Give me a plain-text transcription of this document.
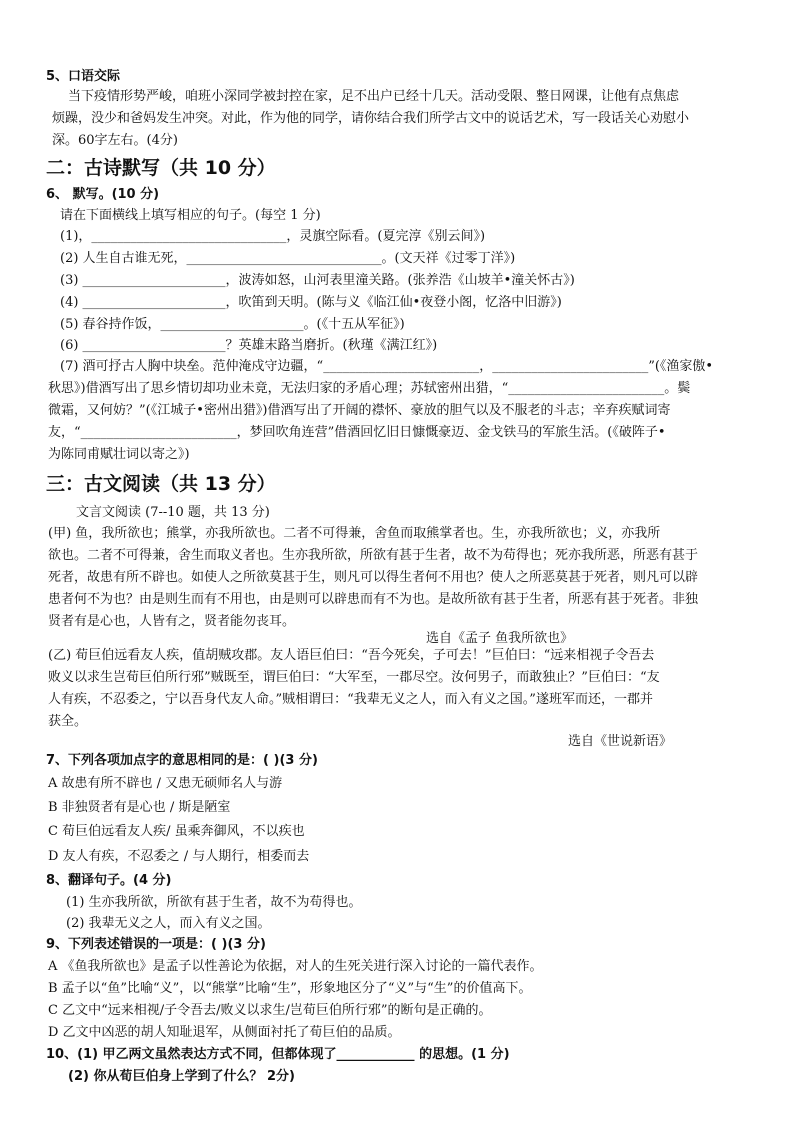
5、口语交际
当下疫情形势严峻，咱班小深同学被封控在家，足不出户已经十几天。活动受限、整日网课，让他有点焦虑
烦躁，没少和爸妈发生冲突。对此，作为他的同学，请你结合我们所学古文中的说话艺术，写一段话关心劝慰小
深。60字左右。(4分)
二：古诗默写（共 10 分）
6、 默写。(10 分)
请在下面横线上填写相应的句子。(每空 1 分)
(1)，______________________________，灵旗空际看。(夏完淳《别云间》)
(2) 人生自古谁无死，______________________________。(文天祥《过零丁洋》)
(3) ______________________，波涛如怒，山河表里潼关路。(张养浩《山坡羊•潼关怀古》)
(4) ______________________，吹笛到天明。(陈与义《临江仙•夜登小阁，忆洛中旧游》)
(5) 春谷持作饭，______________________。(《十五从军征》)
(6) ______________________？英雄末路当磨折。(秋瑾《满江红》)
(7) 酒可抒古人胸中块垒。范仲淹戍守边疆，“________________________，________________________”(《渔家傲•
秋思》)借酒写出了思乡情切却功业未竟，无法归家的矛盾心理；苏轼密州出猎，“________________________。鬓
微霜，又何妨？”(《江城子•密州出猎》)借酒写出了开阔的襟怀、豪放的胆气以及不服老的斗志；辛弃疾赋词寄
友，“________________________，梦回吹角连营”借酒回忆旧日慷慨豪迈、金戈铁马的军旅生活。(《破阵子•
为陈同甫赋壮词以寄之》)
三：古文阅读（共 13 分）
文言文阅读 (7--10 题，共 13 分)
(甲) 鱼，我所欲也；熊掌，亦我所欲也。二者不可得兼，舍鱼而取熊掌者也。生，亦我所欲也；义，亦我所
欲也。二者不可得兼，舍生而取义者也。生亦我所欲，所欲有甚于生者，故不为苟得也；死亦我所恶，所恶有甚于
死者，故患有所不辟也。如使人之所欲莫甚于生，则凡可以得生者何不用也？使人之所恶莫甚于死者，则凡可以辟
患者何不为也？由是则生而有不用也，由是则可以辟患而有不为也。是故所欲有甚于生者，所恶有甚于死者。非独
贤者有是心也，人皆有之，贤者能勿丧耳。
选自《孟子 鱼我所欲也》
(乙) 荀巨伯远看友人疾，值胡贼攻郡。友人语巨伯曰：“吾今死矣，子可去！”巨伯曰：“远来相视子令吾去
败义以求生岂荀巨伯所行邪”贼既至，谓巨伯曰：“大军至，一郡尽空。汝何男子，而敢独止？”巨伯曰：“友
人有疾，不忍委之，宁以吾身代友人命。”贼相谓曰：“我辈无义之人，而入有义之国。”遂班军而还，一郡并
获全。
选自《世说新语》
7、下列各项加点字的意思相同的是：( )(3 分)
A 故患有所不辟也 / 又患无硕师名人与游
B 非独贤者有是心也 / 斯是陋室
C 荀巨伯远看友人疾/ 虽乘奔御风，不以疾也
D 友人有疾，不忍委之 / 与人期行，相委而去
8、翻译句子。(4 分)
(1) 生亦我所欲，所欲有甚于生者，故不为苟得也。
(2) 我辈无义之人，而入有义之国。
9、下列表述错误的一项是：( )(3 分)
A 《鱼我所欲也》是孟子以性善论为依据，对人的生死关进行深入讨论的一篇代表作。
B 孟子以“鱼”比喻“义”，以“熊掌”比喻“生”，形象地区分了“义”与“生”的价值高下。
C 乙文中“远来相视/子令吾去/败义以求生/岂荀巨伯所行邪”的断句是正确的。
D 乙文中凶恶的胡人知耻退军，从侧面衬托了荀巨伯的品质。
10、(1) 甲乙两文虽然表达方式不同，但都体现了____________ 的思想。(1 分)
(2) 你从荀巨伯身上学到了什么？ 2分)
